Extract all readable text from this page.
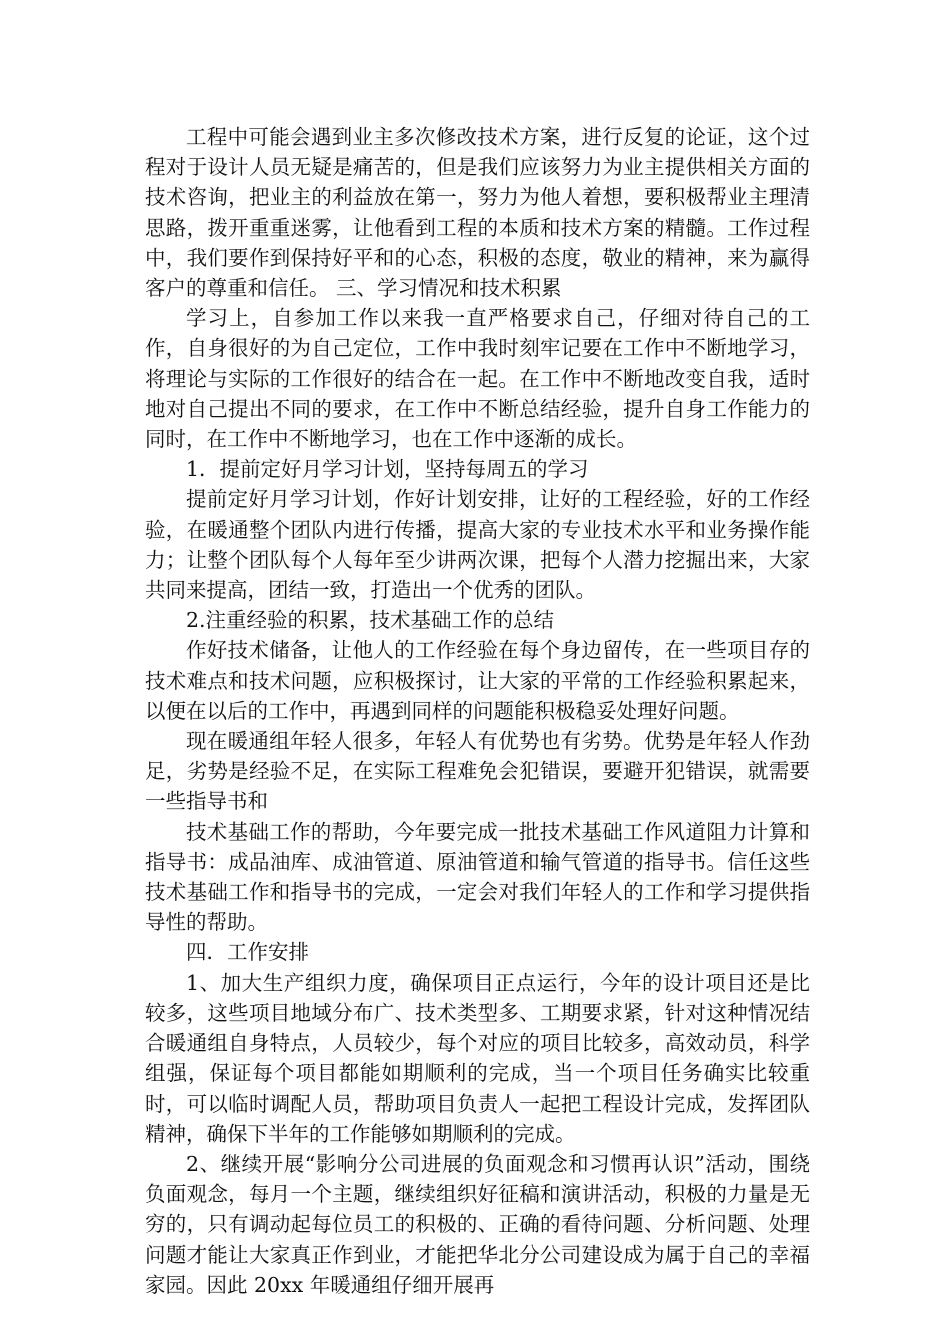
工程中可能会遇到业主多次修改技术方案，进行反复的论证，这个过程对于设计人员无疑是痛苦的，但是我们应该努力为业主提供相关方面的技术咨询，把业主的利益放在第一，努力为他人着想，要积极帮业主理清思路，拨开重重迷雾，让他看到工程的本质和技术方案的精髓。工作过程中，我们要作到保持好平和的心态，积极的态度，敬业的精神，来为赢得客户的尊重和信任。 三、学习情况和技术积累

学习上，自参加工作以来我一直严格要求自己，仔细对待自己的工作，自身很好的为自己定位，工作中我时刻牢记要在工作中不断地学习，将理论与实际的工作很好的结合在一起。在工作中不断地改变自我，适时地对自己提出不同的要求，在工作中不断总结经验，提升自身工作能力的同时，在工作中不断地学习，也在工作中逐渐的成长。

1．提前定好月学习计划，坚持每周五的学习

提前定好月学习计划，作好计划安排，让好的工程经验，好的工作经验，在暖通整个团队内进行传播，提高大家的专业技术水平和业务操作能力；让整个团队每个人每年至少讲两次课，把每个人潜力挖掘出来，大家共同来提高，团结一致，打造出一个优秀的团队。

2.注重经验的积累，技术基础工作的总结

作好技术储备，让他人的工作经验在每个身边留传，在一些项目存的技术难点和技术问题，应积极探讨，让大家的平常的工作经验积累起来，以便在以后的工作中，再遇到同样的问题能积极稳妥处理好问题。

现在暖通组年轻人很多，年轻人有优势也有劣势。优势是年轻人作劲足，劣势是经验不足，在实际工程难免会犯错误，要避开犯错误，就需要一些指导书和

技术基础工作的帮助，今年要完成一批技术基础工作风道阻力计算和指导书：成品油库、成油管道、原油管道和输气管道的指导书。信任这些技术基础工作和指导书的完成，一定会对我们年轻人的工作和学习提供指导性的帮助。

四．工作安排

1、加大生产组织力度，确保项目正点运行，今年的设计项目还是比较多，这些项目地域分布广、技术类型多、工期要求紧，针对这种情况结合暖通组自身特点，人员较少，每个对应的项目比较多，高效动员，科学组强，保证每个项目都能如期顺利的完成，当一个项目任务确实比较重时，可以临时调配人员，帮助项目负责人一起把工程设计完成，发挥团队精神，确保下半年的工作能够如期顺利的完成。

2、继续开展“影响分公司进展的负面观念和习惯再认识”活动，围绕负面观念，每月一个主题，继续组织好征稿和演讲活动，积极的力量是无穷的，只有调动起每位员工的积极的、正确的看待问题、分析问题、处理问题才能让大家真正作到业，才能把华北分公司建设成为属于自己的幸福家园。因此 20xx 年暖通组仔细开展再
